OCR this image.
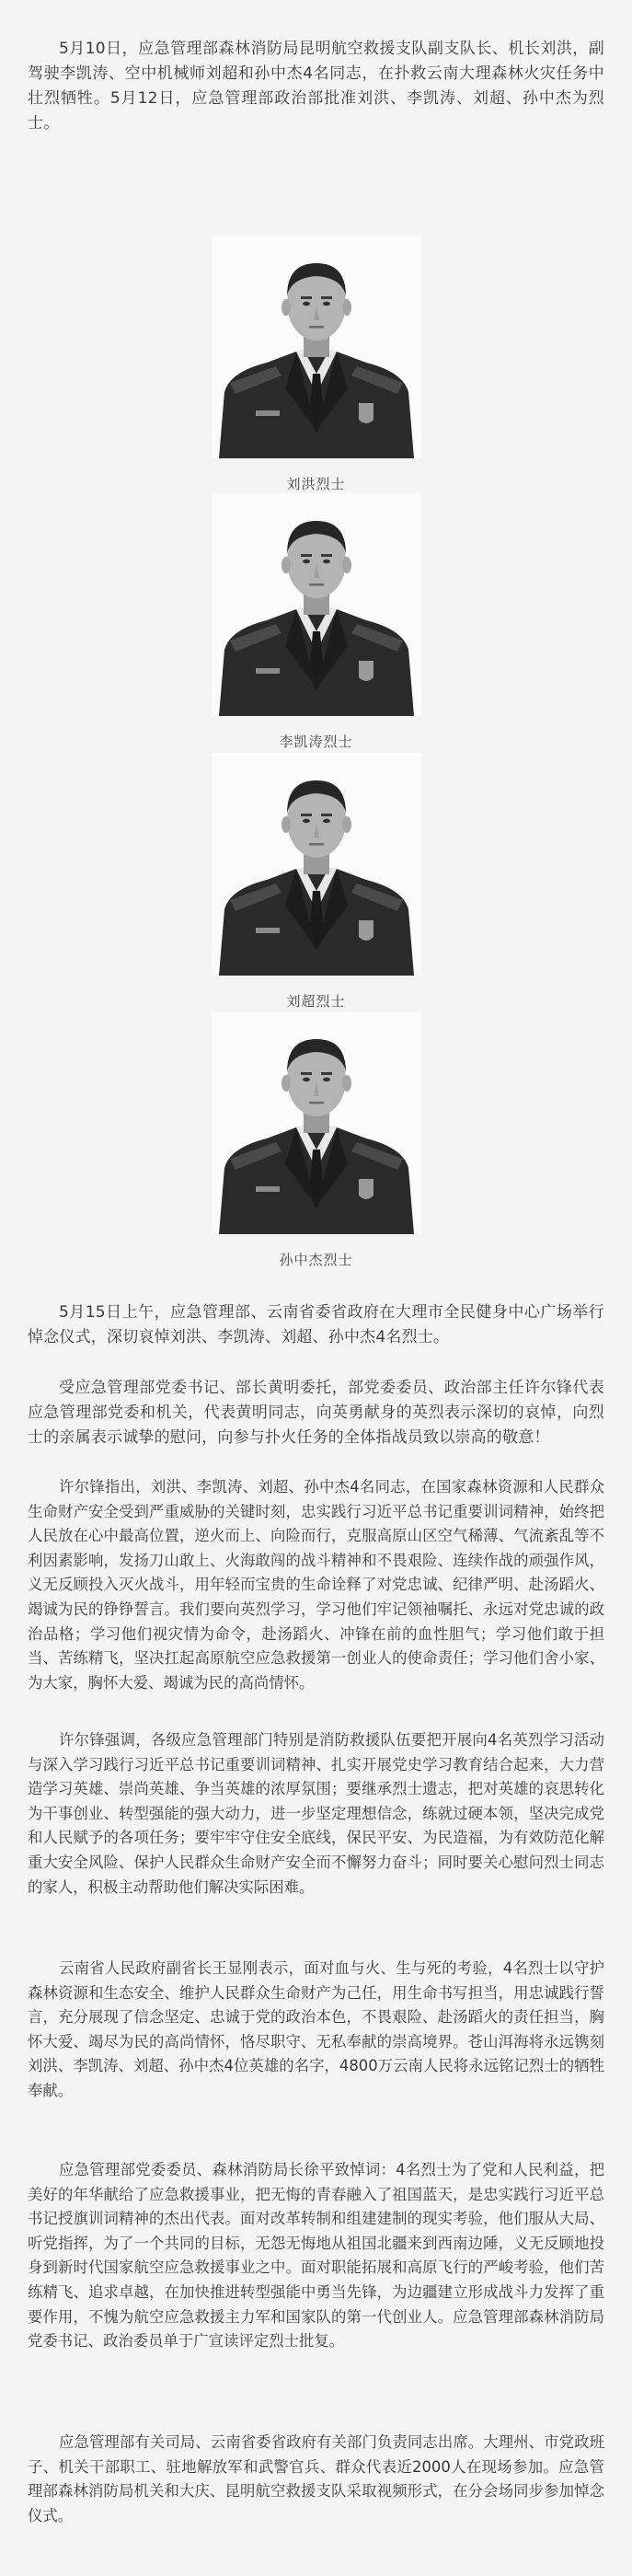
5月10日，应急管理部森林消防局昆明航空救援支队副支队长、机长刘洪，副驾驶李凯涛、空中机械师刘超和孙中杰4名同志，在扑救云南大理森林火灾任务中壮烈牺牲。5月12日，应急管理部政治部批准刘洪、李凯涛、刘超、孙中杰为烈士。

刘洪烈士
李凯涛烈士
刘超烈士
孙中杰烈士

5月15日上午，应急管理部、云南省委省政府在大理市全民健身中心广场举行悼念仪式，深切哀悼刘洪、李凯涛、刘超、孙中杰4名烈士。

受应急管理部党委书记、部长黄明委托，部党委委员、政治部主任许尔锋代表应急管理部党委和机关，代表黄明同志，向英勇献身的英烈表示深切的哀悼，向烈士的亲属表示诚挚的慰问，向参与扑火任务的全体指战员致以崇高的敬意！

许尔锋指出，刘洪、李凯涛、刘超、孙中杰4名同志，在国家森林资源和人民群众生命财产安全受到严重威胁的关键时刻，忠实践行习近平总书记重要训词精神，始终把人民放在心中最高位置，逆火而上、向险而行，克服高原山区空气稀薄、气流紊乱等不利因素影响，发扬刀山敢上、火海敢闯的战斗精神和不畏艰险、连续作战的顽强作风，义无反顾投入灭火战斗，用年轻而宝贵的生命诠释了对党忠诚、纪律严明、赴汤蹈火、竭诚为民的铮铮誓言。我们要向英烈学习，学习他们牢记领袖嘱托、永远对党忠诚的政治品格；学习他们视灾情为命令，赴汤蹈火、冲锋在前的血性胆气；学习他们敢于担当、苦练精飞，坚决扛起高原航空应急救援第一创业人的使命责任；学习他们舍小家、为大家，胸怀大爱、竭诚为民的高尚情怀。

许尔锋强调，各级应急管理部门特别是消防救援队伍要把开展向4名英烈学习活动与深入学习践行习近平总书记重要训词精神、扎实开展党史学习教育结合起来，大力营造学习英雄、崇尚英雄、争当英雄的浓厚氛围；要继承烈士遗志，把对英雄的哀思转化为干事创业、转型强能的强大动力，进一步坚定理想信念，练就过硬本领，坚决完成党和人民赋予的各项任务；要牢牢守住安全底线，保民平安、为民造福，为有效防范化解重大安全风险、保护人民群众生命财产安全而不懈努力奋斗；同时要关心慰问烈士同志的家人，积极主动帮助他们解决实际困难。

云南省人民政府副省长王显刚表示，面对血与火、生与死的考验，4名烈士以守护森林资源和生态安全、维护人民群众生命财产为己任，用生命书写担当，用忠诚践行誓言，充分展现了信念坚定、忠诚于党的政治本色，不畏艰险、赴汤蹈火的责任担当，胸怀大爱、竭尽为民的高尚情怀，恪尽职守、无私奉献的崇高境界。苍山洱海将永远镌刻刘洪、李凯涛、刘超、孙中杰4位英雄的名字，4800万云南人民将永远铭记烈士的牺牲奉献。

应急管理部党委委员、森林消防局长徐平致悼词：4名烈士为了党和人民利益，把美好的年华献给了应急救援事业，把无悔的青春融入了祖国蓝天，是忠实践行习近平总书记授旗训词精神的杰出代表。面对改革转制和组建建制的现实考验，他们服从大局、听党指挥，为了一个共同的目标，无怨无悔地从祖国北疆来到西南边陲，义无反顾地投身到新时代国家航空应急救援事业之中。面对职能拓展和高原飞行的严峻考验，他们苦练精飞、追求卓越，在加快推进转型强能中勇当先锋，为边疆建立形成战斗力发挥了重要作用，不愧为航空应急救援主力军和国家队的第一代创业人。应急管理部森林消防局党委书记、政治委员单于广宣读评定烈士批复。

应急管理部有关司局、云南省委省政府有关部门负责同志出席。大理州、市党政班子、机关干部职工、驻地解放军和武警官兵、群众代表近2000人在现场参加。应急管理部森林消防局机关和大庆、昆明航空救援支队采取视频形式，在分会场同步参加悼念仪式。
